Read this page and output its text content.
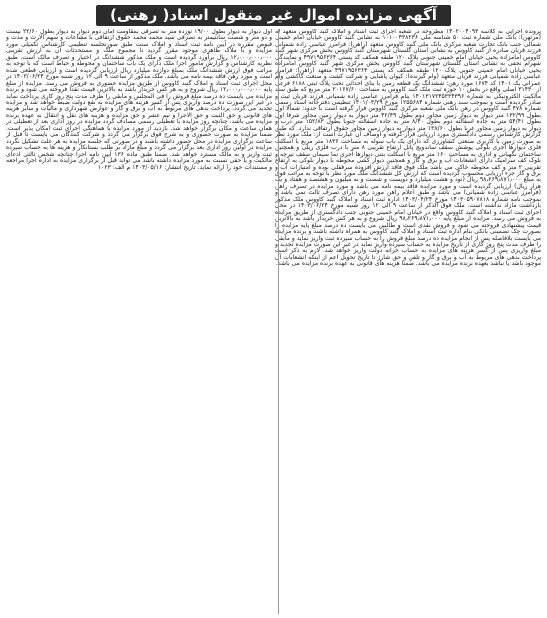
آگهی مزایده اموال غیر منقول اسناد( رهنی)

پرونده اجرایی به کلاسه ۱۴۰۲۰۰۴۰۹۳ مطروحه در شعبه اجرای ثبت اسناد و املاک گنبد کاووس متعهد له (مرتهن): بانک ملی شماره ثبت ۵۰ شناسه ملی ۱۰۱۰۰۴۳۸۲۳۶ به نشانی گنبد کاووس خیابان امام خمینی شمالی جنب بانک تجارت شعبه مرکزی بانک ملی گنبد کاووس متعهد (راهن): فرامرز عباسی زاده شمیانی فرزند قربان صادره از گنبد کاووس به نشانی استان گلستان شهرستان گنبد کاووس بخش مرکزی شهر گنبد کاووس امامزاده یحیی خیابان امام خمینی جنوبی پلاک ۱۲۰ طبقه همکف کد پستی ۴۹۷۱۹۵۶۳۶۴ و نمایندگی شهرام نجفی به نشانی استان گلستان شهرستان گنبد کاووس بخش مرکزی شهر گنبد کاووس امامزاده یحیی خیابان امام خمینی جنوبی پلاک ۱۲۰ طبقه همکف کد پستی ۴۹۷۱۹۵۶۳۶۴ متعهد (راهن): فرامرز عباسی زاده شمیانی فرزند قربان متعهد (وام گیرنده): کیوان پاشایی و شرکت کشت و صنعت کاکشی وام عمرانی یک ۱۴۰۱ کد ۱۶۷۴ مورد رهن: ششدانگ یک قطعه زمین با بنای احداثی تحت پلاک ثبتی ۶۱۸۸ فرعی از ۳۱۴۳۰ اصلی واقع در بخش ۱۰ حوزه ثبت ملک گنبد کاووس به مساحت ۲۰۱۶۷/۶۰ متر مربع که طبق سند مالکیت الکترونیکی به شماره ۱۴۰۱۳۱۷۲۴۵۳۳۴۳۹۶ بنام فرامرز عباسی زاده شمیانی فرزند قربان ثبت و صادر گردیده است و بموجب سند رهنی شماره ۱۲۵۵۶۸۴ مورخ ۱۴۰۱/۰۳/۲۹ تنظیمی دفترخانه اسناد رسمی شماره ۴۷۸ گنبد کاووس در رهن بانک ملی شعبه مرکزی گنبد کاووس قرار گرفته است با حدود: شمالا اول بطول ۱۳۲/۹۹ متر دیوار به دیوار زمین مجاور دوم بطول ۴۲/۴۹ متر دیوار به دیوار زمین مجاور شرقا اول بطول ۵۴/۴۱ متر به جاده اسفالته دوم بطول ۸/۴۰ متر به جاده اسفالته جنوبا بطول ۱۵۲/۸۳ متر درب و دیوار به دیوار زمین مجاور غربا بطول ۱۳۸/۶۰ متر دیوار به دیوار زمین مجاور حقوق ارتفاقی ندارد. که طبق گزارش کارشناس رسمی دادگستری مورد ارزیابی قرار گرفته و اوصاف آن عبارت است از: ملک مورد نظر به صورت زمین با کاربری صنعتی کشاورزی که دارای یک باب سوله به مساحت ۱۸۳۶ متر مربع با اسکلت فلزی دیوارها آجری بلوکی پوشش سقف ساندویچ پانل ارتفاع تقریبی ۸ متر با درب فلزی ریلی و همچنین ساختمان نگهبانی و اداری به مساحت ۱۶۰ متر مربع با اسکلت بتنی دیوارها آجری نما سیمان سقف تیرچه و بلوک کف سرامیک دارای انشعابات آب و برق و گاز و همچنین دیوار کشی محوطه با دیوار بلوکی به ارتفاع تقریبی ۲ متر و کف محوطه خاکی می باشد ملک فوق فاقد ارزش افزوده سرقفلی بوده و امتیازات آب و برق و گاز جزء ارزیابی محسوب گردیده است که ارزش کل ششدانگ ملک مورد نظر با توجه به مراتب فوق به مبلغ ۹۸٫۲۶۹٫۸۷۱٫۰۰۰ ریال (نود و هشت میلیارد و دویست و شصت و نه میلیون و هشتصد و هفتاد و یک هزار ریال) ارزیابی گردیده است و مورد مزایده فاقد بیمه نامه می باشد و مورد مزایده در تصرف راهن (فرامرز عباسی زاده شمیانی) می باشد و طبق اعلام راهن مورد رهن دارای تصرف ثالث نمی باشد و بموجب نامه شماره ۱۴۰۳۰۵۹۰۷۸۱۸ مورخ ۱۴۰۳/۰۴/۲۴ اداره ثبت اسناد و املاک گنبد کاووس ملک مذکور بازداشت مازاد نداشته است. ملک فوق الذکر از ساعت ۹ الی ۱۲ روز شنبه مورخ ۱۴۰۳/۰۶/۲۴ در محل اجرای ثبت اسناد و املاک گنبد کاووس واقع در خیابان امام خمینی جنوبی جنب دادگستری از طریق مزایده به فروش می رسد. مزایده از مبلغ پایه ۹۸٫۲۶۹٫۸۷۱٫۰۰۰ ریال شروع و به هر کس خریدار باشد به بالاترین قیمت پیشنهادی فروخته می شود و فروش نقدی است و طالبین می بایست ده درصد مبلغ پایه مزایده را بصورت چک تضمینی بانکی بنام اداره ثبت اسناد و املاک گنبد کاووس به همراه داشته باشند و برنده مزایده می بایست بلافاصله پس از انجام مزایده ده درصد مبلغ فروش را به حساب سپرده ثبت واریز نماید و مابقی را ظرف مدت پنج روز کاری از تاریخ مزایده به حساب سپرده واریز نماید در غیر این صورت مزایده تجدید و مبلغ واریزی پس از کسر هزینه های مزایده به حساب خزانه دولت واریز خواهد شد. لازم به ذکر است پرداخت بدهی های مربوط به آب و برق و گاز و تلفن و حق شارژ تا تاریخ تحویل اعم از اینکه انشعابات آن موجود باشد یا نباشد بعهده برنده مزایده می باشد. ضمنا هزینه های قانونی به عهده برنده مزایده می باشد.

اول دیوار به دیوار بطول ۱۹/۰۰ نوزده متر به تصرفی بمقاومت امان دوم دیوار به دیوار بطول ۲۲/۶۰ بیست و دو متر و شصت سانتیمتر به تصرفی سید محمد محمد حقوق ارتفاقی با مشاعات و سهم الارث و مدت و قبوض مقرره در آیین نامه ثبت اسناد و املاک سنت طبق صورتجلسه تنظیمی کارشناس تکمیلی مورد مزایده و با ملاک ظاهری موجود مقرر گردید تا مجموع ملک و مستحدثات آن به ارزش تقریبی ۱۲٫۰۰۰٫۰۰۰٫۰۰۰ ریال برآورد گردیده است و ملک مذکور ششدانگ در اختیار و تصرف مالک است. طبق نظریه کارشناس و گزارش مامور اجرا ملک دارای یک باب ساختمان و محوطه و حیاط است که با توجه به مراتب فوق ارزش ششدانگ ملک بمبلغ دوازده میلیارد ریال ارزیابی گردیده است و ارزیابی قطعی شده است و مورد رهن فاقد بیمه نامه می باشد. ملک مذکور از ساعت ۹ الی ۱۲ روز شنبه مورخ ۱۴۰۳/۰۶/۲۴ در محل اجرای ثبت اسناد و املاک گنبد کاووس از طریق مزایده حضوری به فروش می رسد. مزایده از مبلغ پایه ۱۲٫۰۰۰٫۰۰۰٫۰۰۰ ریال شروع و به هر کس خریدار باشد به بالاترین قیمت نقدا فروخته می شود و برنده مزایده می بایست ده درصد مبلغ فروش را فی المجلس و مابقی را ظرف مدت پنج روز کاری پرداخت نماید در غیر این صورت ده درصد واریزی پس از کسر هزینه های مزایده به نفع دولت ضبط خواهد شد و مزایده تجدید می گردد. پرداخت بدهی های مربوط به آب و برق و گاز و عوارض شهرداری و مالیات و سایر هزینه های قانونی و حق الثبت و حق الاجرا و نیم عشر و حق مزایده و هزینه های نقل و انتقال به عهده برنده مزایده می باشد. چنانچه روز مزایده با تعطیلی رسمی مصادف گردد مزایده در روز اداری بعد از تعطیلی در همان ساعت و مکان برگزار خواهد شد. بازدید از مورد مزایده با هماهنگی اجرای ثبت امکان پذیر است. ضمنا مزایده به صورت حضوری و به شرح فوق برگزار می گردد و شرکت کنندگان می بایست تا قبل از ساعت برگزاری مزایده در محل حضور داشته باشند و در صورتی که جلسه مزایده به هر علت تشکیل نگردد مزایده در اولین روز اداری بعد برگزار می گردد و مبلغ مازاد بر طلب بستانکار و هزینه ها به حساب سپرده ثبت واریز و به مالک مسترد خواهد شد. ضمنا طبق ماده ۱۳۶ آیین نامه اجرا چنانچه شخص ثالثی ادعای مالکیت و یا حقی نسبت به مورد مزایده داشته باشد می تواند قبل از برگزاری مزایده به اداره اجرا مراجعه و مستندات خود را ارائه نماید. تاریخ انتشار: ۱۴۰۳/۰۵/۱۶ م الف: ۱۰۲۳
